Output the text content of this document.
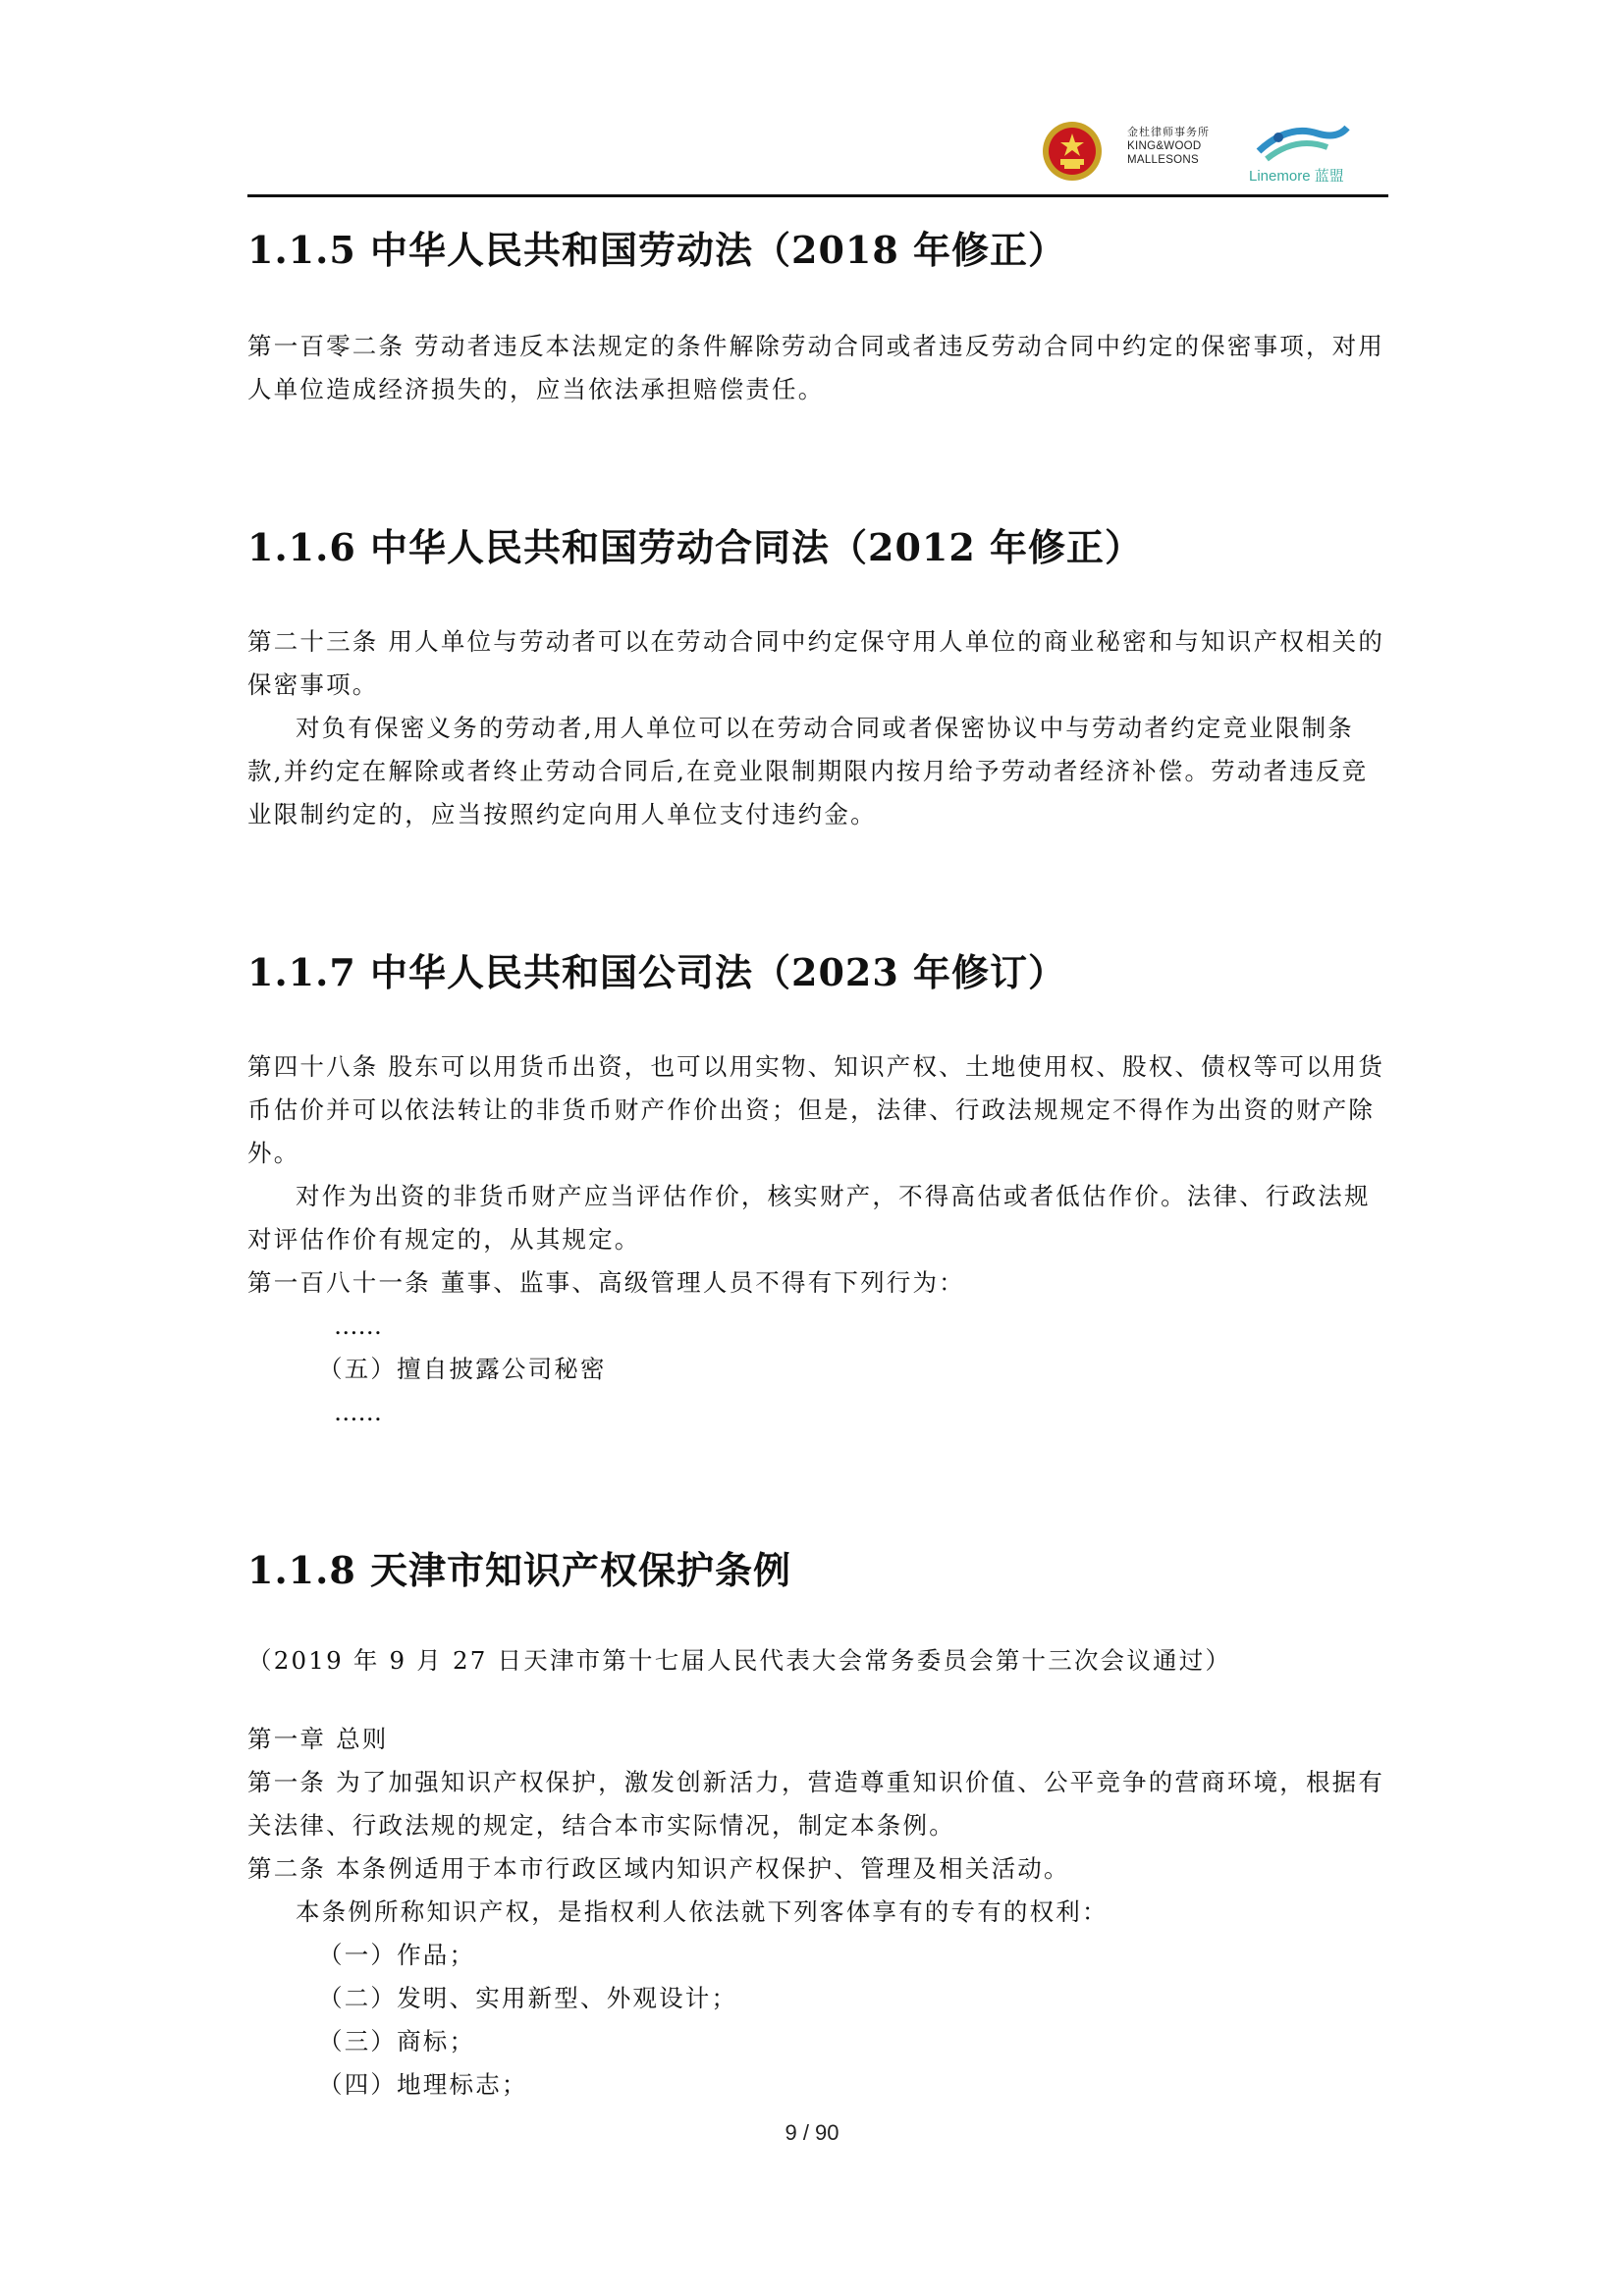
金杜律师事务所
KING&WOOD
MALLESONS
Linemore 蓝盟
1.1.5 中华人民共和国劳动法（2018 年修正）

第一百零二条 劳动者违反本法规定的条件解除劳动合同或者违反劳动合同中约定的保密事项，对用人单位造成经济损失的，应当依法承担赔偿责任。

1.1.6 中华人民共和国劳动合同法（2012 年修正）

第二十三条 用人单位与劳动者可以在劳动合同中约定保守用人单位的商业秘密和与知识产权相关的保密事项。

对负有保密义务的劳动者,用人单位可以在劳动合同或者保密协议中与劳动者约定竞业限制条款,并约定在解除或者终止劳动合同后,在竞业限制期限内按月给予劳动者经济补偿。劳动者违反竞业限制约定的，应当按照约定向用人单位支付违约金。

1.1.7 中华人民共和国公司法（2023 年修订）

第四十八条 股东可以用货币出资，也可以用实物、知识产权、土地使用权、股权、债权等可以用货币估价并可以依法转让的非货币财产作价出资；但是，法律、行政法规规定不得作为出资的财产除外。

对作为出资的非货币财产应当评估作价，核实财产，不得高估或者低估作价。法律、行政法规对评估作价有规定的，从其规定。

第一百八十一条 董事、监事、高级管理人员不得有下列行为：

……

（五）擅自披露公司秘密

……

1.1.8 天津市知识产权保护条例

（2019 年 9 月 27 日天津市第十七届人民代表大会常务委员会第十三次会议通过）

第一章 总则

第一条 为了加强知识产权保护，激发创新活力，营造尊重知识价值、公平竞争的营商环境，根据有关法律、行政法规的规定，结合本市实际情况，制定本条例。

第二条 本条例适用于本市行政区域内知识产权保护、管理及相关活动。

本条例所称知识产权，是指权利人依法就下列客体享有的专有的权利：

（一）作品；

（二）发明、实用新型、外观设计；

（三）商标；

（四）地理标志；

9 / 90
